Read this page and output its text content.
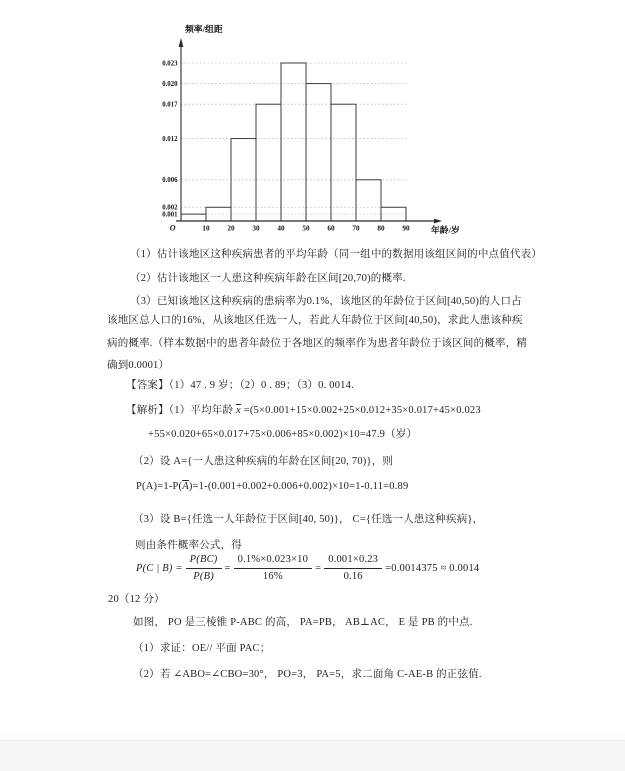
0.001
0.002
0.006
0.012
0.017
0.020
0.023
10 20 30 40 50 60 70 80 90
O
频率/组距
年龄/岁
（1）估计该地区这种疾病患者的平均年龄（同一组中的数据用该组区间的中点值代表）
（2）估计该地区一人患这种疾病年龄在区间[20,70)的概率.
（3）已知该地区这种疾病的患病率为0.1%，该地区的年龄位于区间[40,50)的人口占
该地区总人口的16%，从该地区任选一人，若此人年龄位于区间[40,50)，求此人患该种疾
病的概率.（样本数据中的患者年龄位于各地区的频率作为患者年龄位于该区间的概率，精
确到0.0001）
【答案】（1）47 . 9 岁；（2）0 . 89；（3）0. 0014.
【解析】（1）平均年龄 $\overline{x} =(5\times 0.001+15\times 0.002+25\times 0.012+35\times 0.017+45\times 0.023$
+55×0.020+65×0.017+75×0.006+85×0.002)×10=47.9（岁）
（2）设 A={一人患这种疾病的年龄在区间[20, 70)}，则
$P(A)=1-P(\overline{A})=1-(0.001+0.002+0.006+0.002)\times 10=1-0.11=0.89$
（3）设 B={任选一人年龄位于区间[40, 50)}， C={任选一人患这种疾病}，
则由条件概率公式，得
P(C | $B) = \frac{P(BC)}{P(B)} = \frac{0.1\%\times 0.023\times 10}{16\%} = \frac{0.001\times 0.23}{0.16} =0.0014375 \approx 0.0014$
20（12 分）
如图， PO 是三棱锥 P-ABC 的高， PA=PB， AB⊥AC， E 是 PB 的中点.
（1）求证：OE// 平面 PAC；
（2）若 ∠ABO=∠CBO=30°， PO=3， PA=5，求二面角 C-AE-B 的正弦值.
